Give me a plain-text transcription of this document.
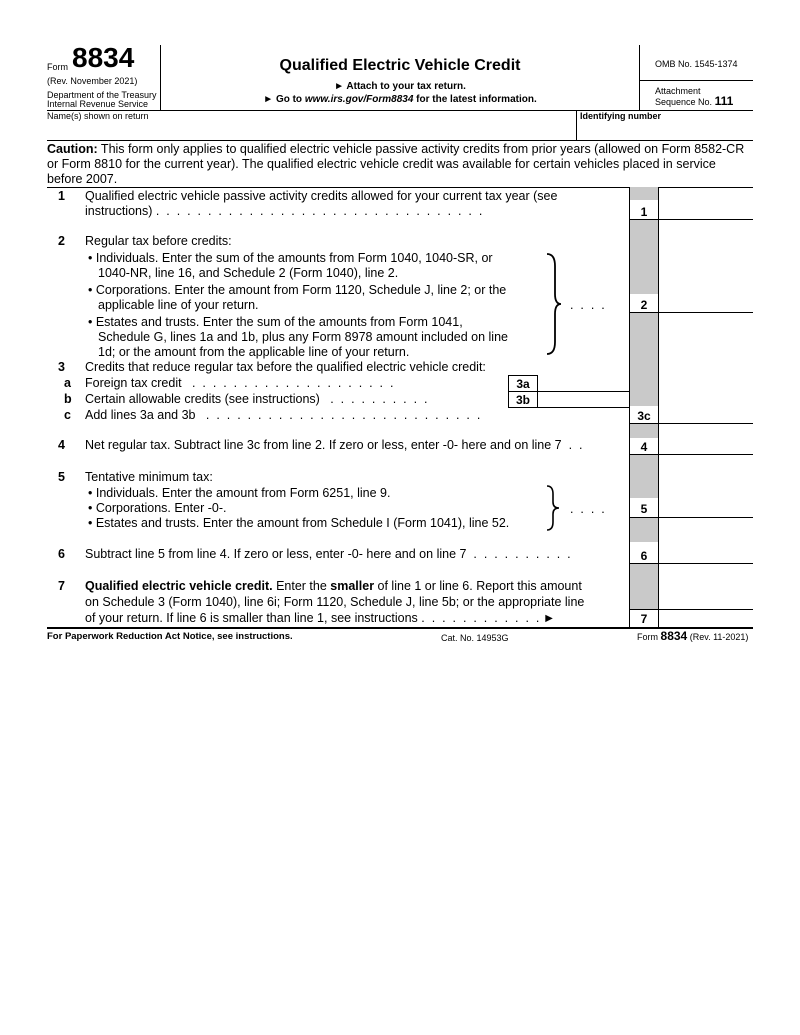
Form 8834
(Rev. November 2021)
Department of the Treasury
Internal Revenue Service
Qualified Electric Vehicle Credit
► Attach to your tax return.
► Go to www.irs.gov/Form8834 for the latest information.
OMB No. 1545-1374
Attachment
Sequence No. 111
Name(s) shown on return	Identifying number
Caution: This form only applies to qualified electric vehicle passive activity credits from prior years (allowed on Form 8582-CR or Form 8810 for the current year). The qualified electric vehicle credit was available for certain vehicles placed in service before 2007.
1 Qualified electric vehicle passive activity credits allowed for your current tax year (see
instructions) .  .  .  .  .  .  .  .  .  .  .  .  .  .  .  .  .  .  .  .  .  .  .  .  .  .  .  .  .  .  .  .	1
2 Regular tax before credits:
• Individuals. Enter the sum of the amounts from Form 1040, 1040-SR, or
1040-NR, line 16, and Schedule 2 (Form 1040), line 2.
• Corporations. Enter the amount from Form 1120, Schedule J, line 2; or the
applicable line of your return.
• Estates and trusts. Enter the sum of the amounts from Form 1041,
Schedule G, lines 1a and 1b, plus any Form 8978 amount included on line
1d; or the amount from the applicable line of your return.
.  .  .  .	2
3 Credits that reduce regular tax before the qualified electric vehicle credit:
a Foreign tax credit   .  .  .  .  .  .  .  .  .  .  .  .  .  .  .  .  .  .  .  .	3a
b Certain allowable credits (see instructions)   .  .  .  .  .  .  .  .  .  .	3b
c Add lines 3a and 3b   .  .  .  .  .  .  .  .  .  .  .  .  .  .  .  .  .  .  .  .  .  .  .  .  .  .  .	3c
4 Net regular tax. Subtract line 3c from line 2. If zero or less, enter -0- here and on line 7  .  .	4
5 Tentative minimum tax:
• Individuals. Enter the amount from Form 6251, line 9.
• Corporations. Enter -0-.
• Estates and trusts. Enter the amount from Schedule I (Form 1041), line 52.
.  .  .  .	5
6 Subtract line 5 from line 4. If zero or less, enter -0- here and on line 7  .  .  .  .  .  .  .  .  .  .	6
7 Qualified electric vehicle credit. Enter the smaller of line 1 or line 6. Report this amount
on Schedule 3 (Form 1040), line 6i; Form 1120, Schedule J, line 5b; or the appropriate line
of your return. If line 6 is smaller than line 1, see instructions .  .  .  .  .  .  .  .  .  .  .  . ►	7
For Paperwork Reduction Act Notice, see instructions.	Cat. No. 14953G	Form 8834 (Rev. 11-2021)
